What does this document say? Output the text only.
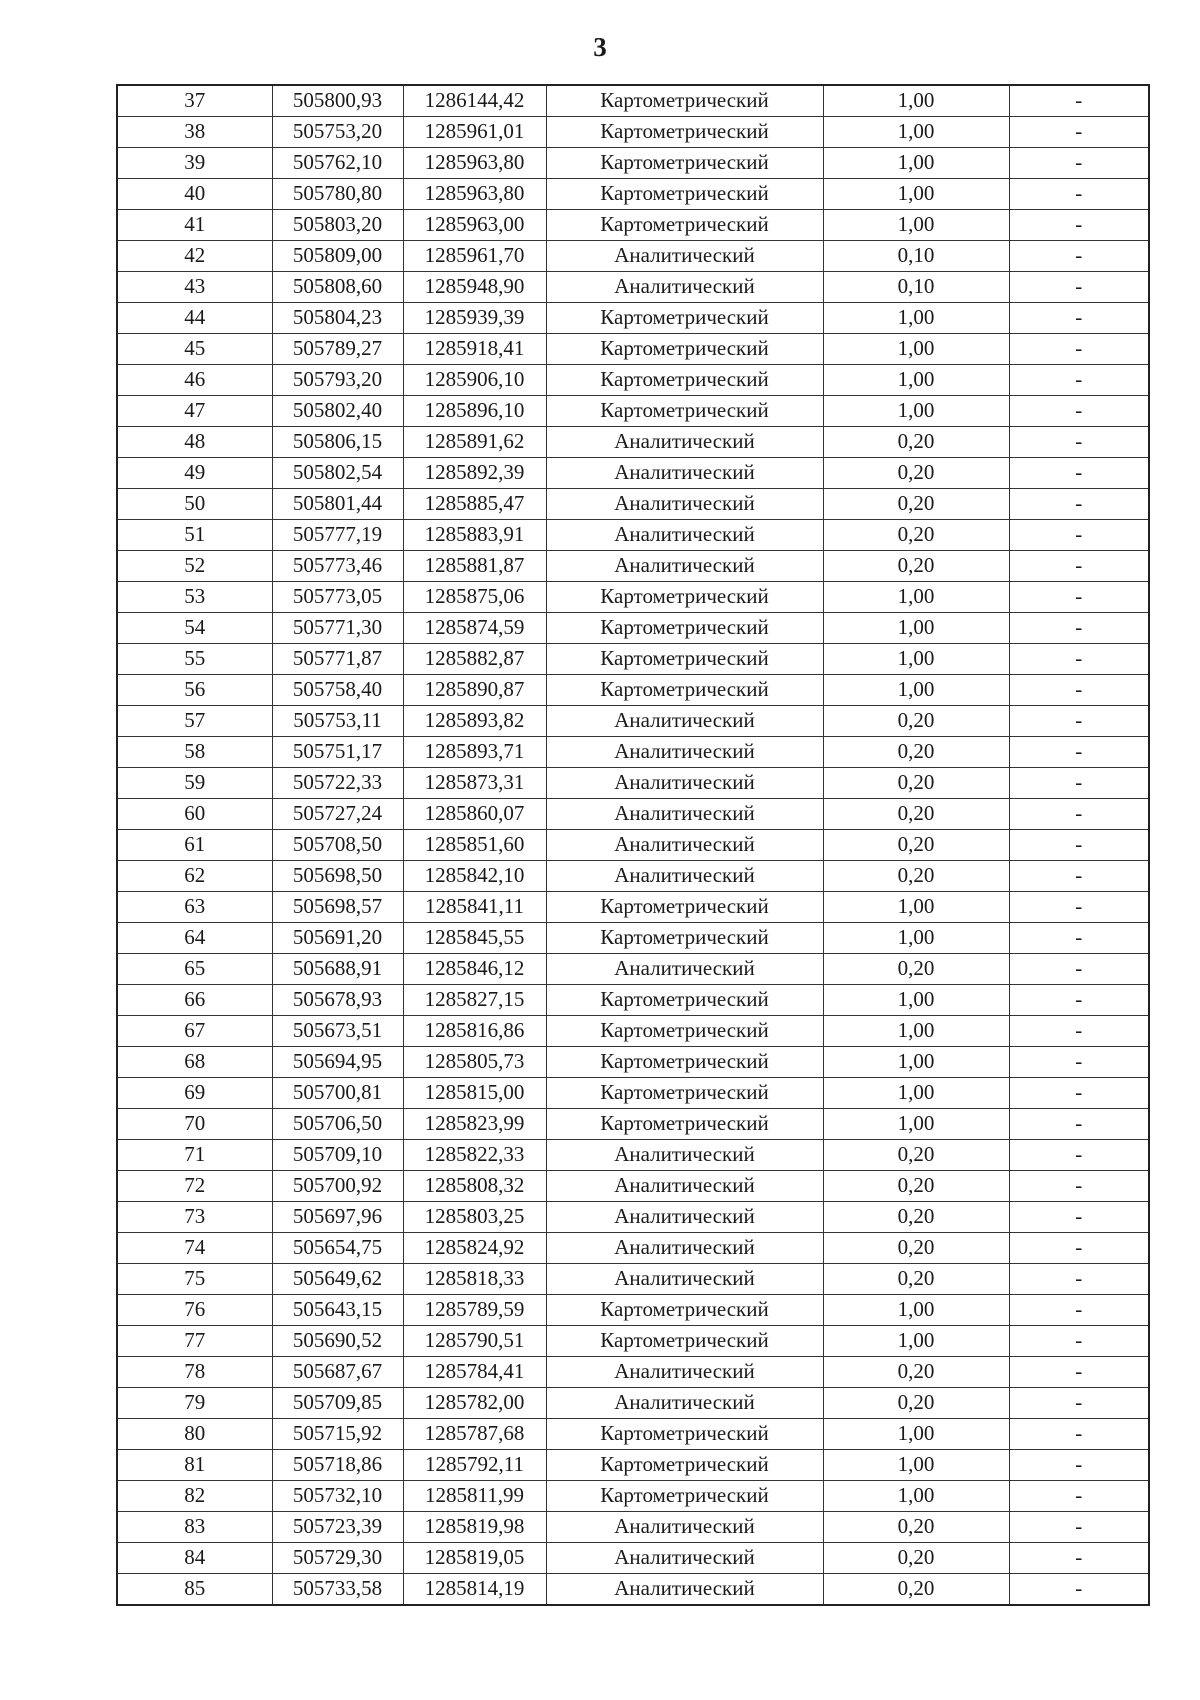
3
37	505800,93	1286144,42	Картометрический	1,00	-
38	505753,20	1285961,01	Картометрический	1,00	-
39	505762,10	1285963,80	Картометрический	1,00	-
40	505780,80	1285963,80	Картометрический	1,00	-
41	505803,20	1285963,00	Картометрический	1,00	-
42	505809,00	1285961,70	Аналитический	0,10	-
43	505808,60	1285948,90	Аналитический	0,10	-
44	505804,23	1285939,39	Картометрический	1,00	-
45	505789,27	1285918,41	Картометрический	1,00	-
46	505793,20	1285906,10	Картометрический	1,00	-
47	505802,40	1285896,10	Картометрический	1,00	-
48	505806,15	1285891,62	Аналитический	0,20	-
49	505802,54	1285892,39	Аналитический	0,20	-
50	505801,44	1285885,47	Аналитический	0,20	-
51	505777,19	1285883,91	Аналитический	0,20	-
52	505773,46	1285881,87	Аналитический	0,20	-
53	505773,05	1285875,06	Картометрический	1,00	-
54	505771,30	1285874,59	Картометрический	1,00	-
55	505771,87	1285882,87	Картометрический	1,00	-
56	505758,40	1285890,87	Картометрический	1,00	-
57	505753,11	1285893,82	Аналитический	0,20	-
58	505751,17	1285893,71	Аналитический	0,20	-
59	505722,33	1285873,31	Аналитический	0,20	-
60	505727,24	1285860,07	Аналитический	0,20	-
61	505708,50	1285851,60	Аналитический	0,20	-
62	505698,50	1285842,10	Аналитический	0,20	-
63	505698,57	1285841,11	Картометрический	1,00	-
64	505691,20	1285845,55	Картометрический	1,00	-
65	505688,91	1285846,12	Аналитический	0,20	-
66	505678,93	1285827,15	Картометрический	1,00	-
67	505673,51	1285816,86	Картометрический	1,00	-
68	505694,95	1285805,73	Картометрический	1,00	-
69	505700,81	1285815,00	Картометрический	1,00	-
70	505706,50	1285823,99	Картометрический	1,00	-
71	505709,10	1285822,33	Аналитический	0,20	-
72	505700,92	1285808,32	Аналитический	0,20	-
73	505697,96	1285803,25	Аналитический	0,20	-
74	505654,75	1285824,92	Аналитический	0,20	-
75	505649,62	1285818,33	Аналитический	0,20	-
76	505643,15	1285789,59	Картометрический	1,00	-
77	505690,52	1285790,51	Картометрический	1,00	-
78	505687,67	1285784,41	Аналитический	0,20	-
79	505709,85	1285782,00	Аналитический	0,20	-
80	505715,92	1285787,68	Картометрический	1,00	-
81	505718,86	1285792,11	Картометрический	1,00	-
82	505732,10	1285811,99	Картометрический	1,00	-
83	505723,39	1285819,98	Аналитический	0,20	-
84	505729,30	1285819,05	Аналитический	0,20	-
85	505733,58	1285814,19	Аналитический	0,20	-
